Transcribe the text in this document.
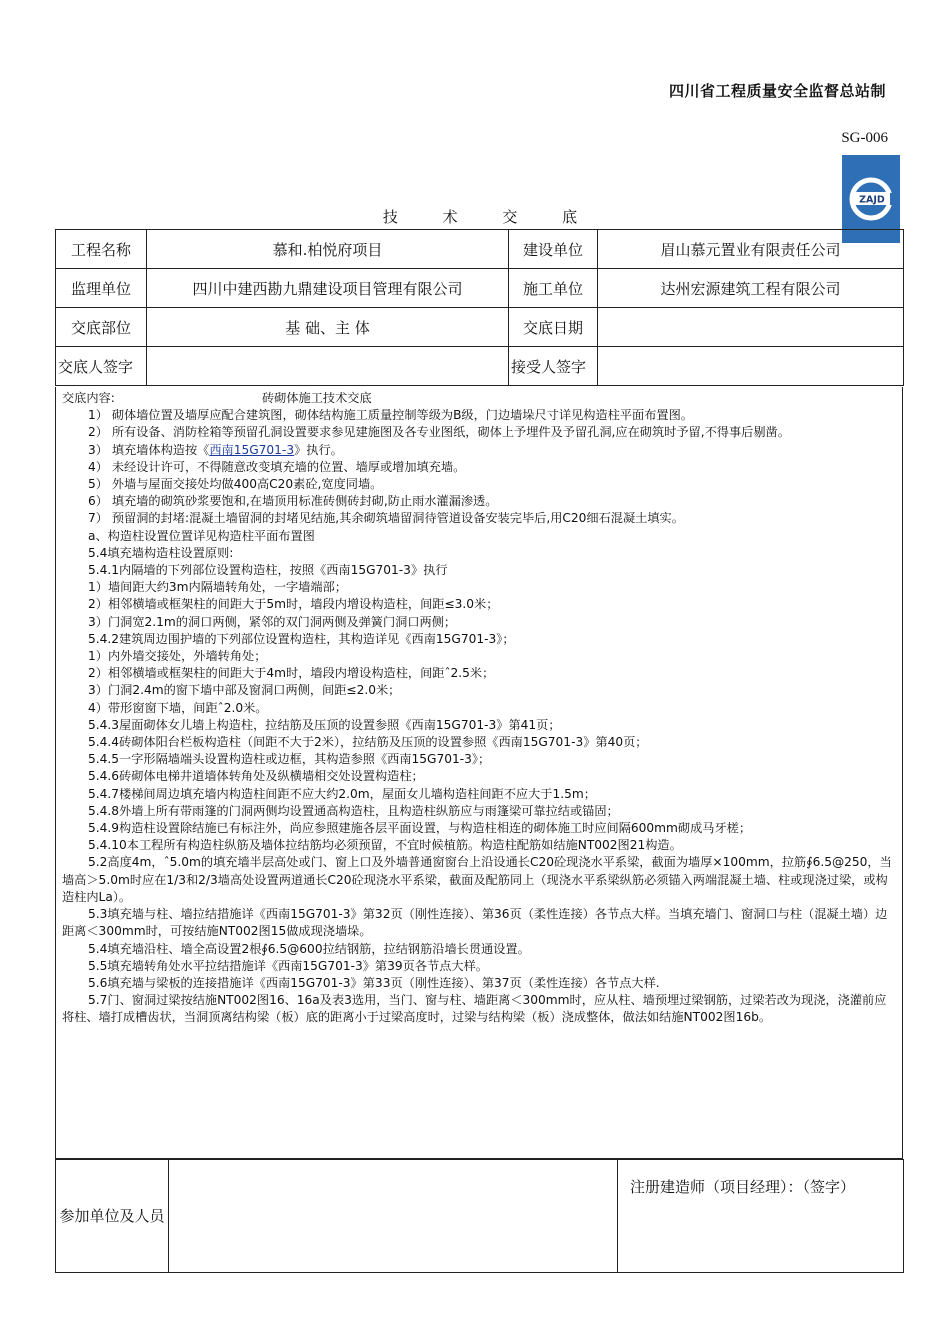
四川省工程质量安全监督总站制
SG-006
ZAJD
技 术 交 底
工程名称	慕和.柏悦府项目	建设单位	眉山慕元置业有限责任公司
监理单位	四川中建西勘九鼎建设项目管理有限公司	施工单位	达州宏源建筑工程有限公司
交底部位	基 础、主 体	交底日期	
交底人签字		接受人签字	
交底内容:	砖砌体施工技术交底

1） 砌体墙位置及墙厚应配合建筑图，砌体结构施工质量控制等级为B级，门边墙垛尺寸详见构造柱平面布置图。

2） 所有设备、消防栓箱等预留孔洞设置要求参见建施图及各专业图纸，砌体上予埋件及予留孔洞,应在砌筑时予留,不得事后剔凿。

3） 填充墙体构造按《西南15G701-3》执行。

4） 未经设计许可，不得随意改变填充墙的位置、墙厚或增加填充墙。

5） 外墙与屋面交接处均做400高C20素砼,宽度同墙。

6） 填充墙的砌筑砂浆要饱和,在墙顶用标准砖侧砖封砌,防止雨水灌漏渗透。

7） 预留洞的封堵:混凝土墙留洞的封堵见结施,其余砌筑墙留洞待管道设备安装完毕后,用C20细石混凝土填实。

a、构造柱设置位置详见构造柱平面布置图

5.4填充墙构造柱设置原则:

5.4.1内隔墙的下列部位设置构造柱，按照《西南15G701-3》执行

1）墙间距大约3m内隔墙转角处，一字墙端部；

2）相邻横墙或框架柱的间距大于5m时，墙段内增设构造柱，间距≤3.0米；

3）门洞宽2.1m的洞口两侧，紧邻的双门洞两侧及弹簧门洞口两侧；

5.4.2建筑周边围护墙的下列部位设置构造柱，其构造详见《西南15G701-3》；

1）内外墙交接处，外墙转角处；

2）相邻横墙或框架柱的间距大于4m时，墙段内增设构造柱，间距ˆ2.5米；

3）门洞2.4m的窗下墙中部及窗洞口两侧，间距≤2.0米；

4）带形窗窗下墙，间距ˆ2.0米。

5.4.3屋面砌体女儿墙上构造柱，拉结筋及压顶的设置参照《西南15G701-3》第41页；

5.4.4砖砌体阳台栏板构造柱（间距不大于2米），拉结筋及压顶的设置参照《西南15G701-3》第40页；

5.4.5一字形隔墙端头设置构造柱或边框，其构造参照《西南15G701-3》；

5.4.6砖砌体电梯井道墙体转角处及纵横墙相交处设置构造柱；

5.4.7楼梯间周边填充墙内构造柱间距不应大约2.0m，屋面女儿墙构造柱间距不应大于1.5m；

5.4.8外墙上所有带雨篷的门洞两侧均设置通高构造柱，且构造柱纵筋应与雨篷梁可靠拉结或锚固；

5.4.9构造柱设置除结施已有标注外，尚应参照建施各层平面设置，与构造柱相连的砌体施工时应间隔600mm砌成马牙槎；

5.4.10本工程所有构造柱纵筋及墙体拉结筋均必须预留，不宜时候植筋。构造柱配筋如结施NT002图21构造。

5.2高度4m，ˆ5.0m的填充墙半层高处或门、窗上口及外墙普通窗窗台上沿设通长C20砼现浇水平系梁，截面为墙厚×100mm，拉筋∮6.5@250，当墙高＞5.0m时应在1/3和2/3墙高处设置两道通长C20砼现浇水平系梁，截面及配筋同上（现浇水平系梁纵筋必须锚入两端混凝土墙、柱或现浇过梁，或构造柱内La）。

5.3填充墙与柱、墙拉结措施详《西南15G701-3》第32页（刚性连接）、第36页（柔性连接）各节点大样。当填充墙门、窗洞口与柱（混凝土墙）边距离＜300mm时，可按结施NT002图15做成现浇墙垛。

5.4填充墙沿柱、墙全高设置2根∮6.5@600拉结钢筋，拉结钢筋沿墙长贯通设置。

5.5填充墙转角处水平拉结措施详《西南15G701-3》第39页各节点大样。

5.6填充墙与梁板的连接措施详《西南15G701-3》第33页（刚性连接）、第37页（柔性连接）各节点大样.

5.7门、窗洞过梁按结施NT002图16、16a及表3选用，当门、窗与柱、墙距离＜300mm时，应从柱、墙预埋过梁钢筋，过梁若改为现浇，浇灌前应将柱、墙打成槽齿状，当洞顶离结构梁（板）底的距离小于过梁高度时，过梁与结构梁（板）浇成整体，做法如结施NT002图16b。

参加单位及人员		注册建造师（项目经理）：（签字）
